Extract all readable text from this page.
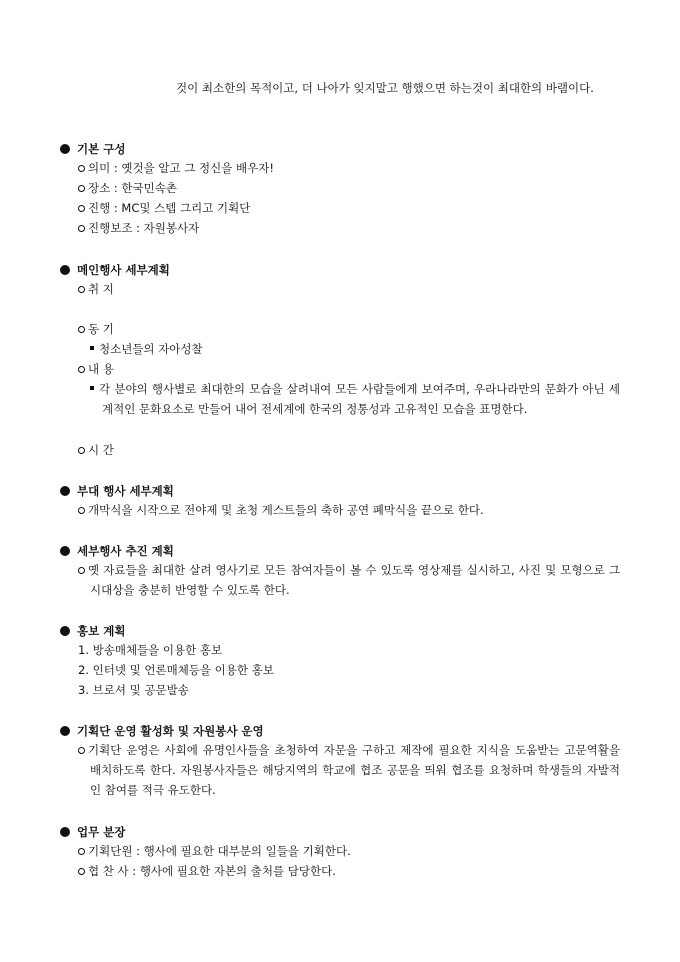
것이 최소한의 목적이고, 더 나아가 잊지말고 행했으면 하는것이 최대한의 바램이다.
기본 구성
의미 : 옛것을 알고 그 정신을 배우자!
장소 : 한국민속촌
진행 : MC및 스텝 그리고 기획단
진행보조 : 자원봉사자
메인행사 세부계획
취 지
동 기
청소년들의 자아성찰
내 용
각 분야의 행사별로 최대한의 모습을 살려내여 모든 사람들에게 보여주며, 우라나라만의 문화가 아닌 세계적인 문화요소로 만들어 내어 전세계에 한국의 정통성과 고유적인 모습을 표명한다.
시 간
부대 행사 세부계획
개막식을 시작으로 전야제 및 초청 게스트들의 축하 공연 폐막식을 끝으로 한다.
세부행사 추진 계획
옛 자료들을 최대한 살려 영사기로 모든 참여자들이 볼 수 있도록 영상제를 실시하고, 사진 및 모형으로 그 시대상을 충분히 반영할 수 있도록 한다.
홍보 계획
1. 방송매체들을 이용한 홍보
2. 인터넷 및 언론매체등을 이용한 홍보
3. 브로셔 및 공문발송
기획단 운영 활성화 및 자원봉사 운영
기획단 운영은 사회에 유명인사들을 초청하여 자문을 구하고 제작에 필요한 지식을 도움받는 고문역활을 배치하도록 한다. 자원봉사자들은 해당지역의 학교에 협조 공문을 띄워 협조를 요청하며 학생들의 자발적인 참여를 적극 유도한다.
업무 분장
기획단원 : 행사에 필요한 대부분의 일들을 기획한다.
협 찬 사 : 행사에 필요한 자본의 출처를 담당한다.
